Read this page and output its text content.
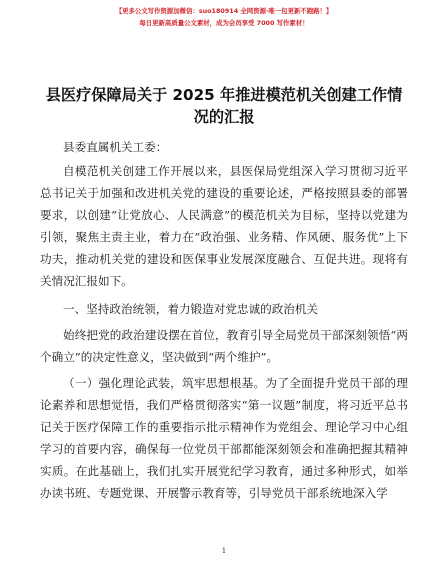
【更多公文写作资源加微信：suo180914 全网资源·唯一包更新不跑路！】
每日更新高质量公文素材，成为会员享受 7000 写作素材！
县医疗保障局关于 2025 年推进模范机关创建工作情况的汇报

县委直属机关工委：

自模范机关创建工作开展以来，县医保局党组深入学习贯彻习近平总书记关于加强和改进机关党的建设的重要论述，严格按照县委的部署要求，以创建“让党放心、人民满意”的模范机关为目标，坚持以党建为引领，聚焦主责主业，着力在“政治强、业务精、作风硬、服务优”上下功夫，推动机关党的建设和医保事业发展深度融合、互促共进。现将有关情况汇报如下。

一、坚持政治统领，着力锻造对党忠诚的政治机关

始终把党的政治建设摆在首位，教育引导全局党员干部深刻领悟“两个确立”的决定性意义，坚决做到“两个维护”。

（一）强化理论武装，筑牢思想根基。为了全面提升党员干部的理论素养和思想觉悟，我们严格贯彻落实“第一议题”制度，将习近平总书记关于医疗保障工作的重要指示批示精神作为党组会、理论学习中心组学习的首要内容，确保每一位党员干部都能深刻领会和准确把握其精神实质。在此基础上，我们扎实开展党纪学习教育，通过多种形式，如举办读书班、专题党课、开展警示教育等，引导党员干部系统地深入学

1
